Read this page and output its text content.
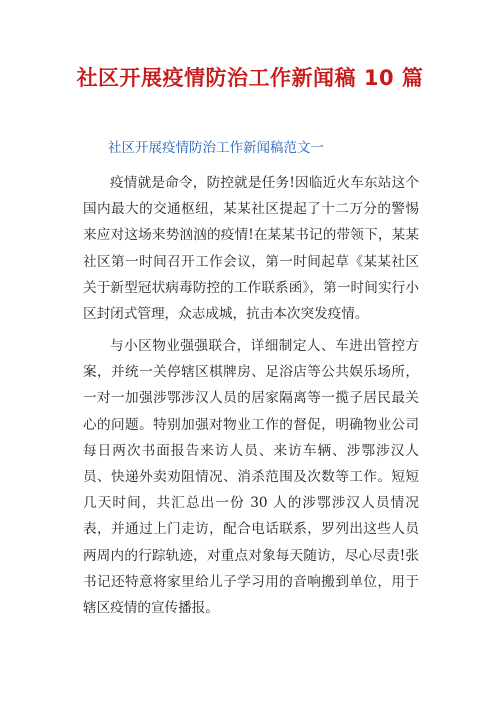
社区开展疫情防治工作新闻稿 10 篇
社区开展疫情防治工作新闻稿范文一

疫情就是命令，防控就是任务!因临近火车东站这个国内最大的交通枢纽，某某社区提起了十二万分的警惕来应对这场来势汹汹的疫情!在某某书记的带领下，某某社区第一时间召开工作会议，第一时间起草《某某社区关于新型冠状病毒防控的工作联系函》，第一时间实行小区封闭式管理，众志成城，抗击本次突发疫情。

与小区物业强强联合，详细制定人、车进出管控方案，并统一关停辖区棋牌房、足浴店等公共娱乐场所，一对一加强涉鄂涉汉人员的居家隔离等一揽子居民最关心的问题。特别加强对物业工作的督促，明确物业公司每日两次书面报告来访人员、来访车辆、涉鄂涉汉人员、快递外卖劝阻情况、消杀范围及次数等工作。短短几天时间，共汇总出一份 30 人的涉鄂涉汉人员情况表，并通过上门走访，配合电话联系，罗列出这些人员两周内的行踪轨迹，对重点对象每天随访，尽心尽责!张书记还特意将家里给儿子学习用的音响搬到单位，用于辖区疫情的宣传播报。
